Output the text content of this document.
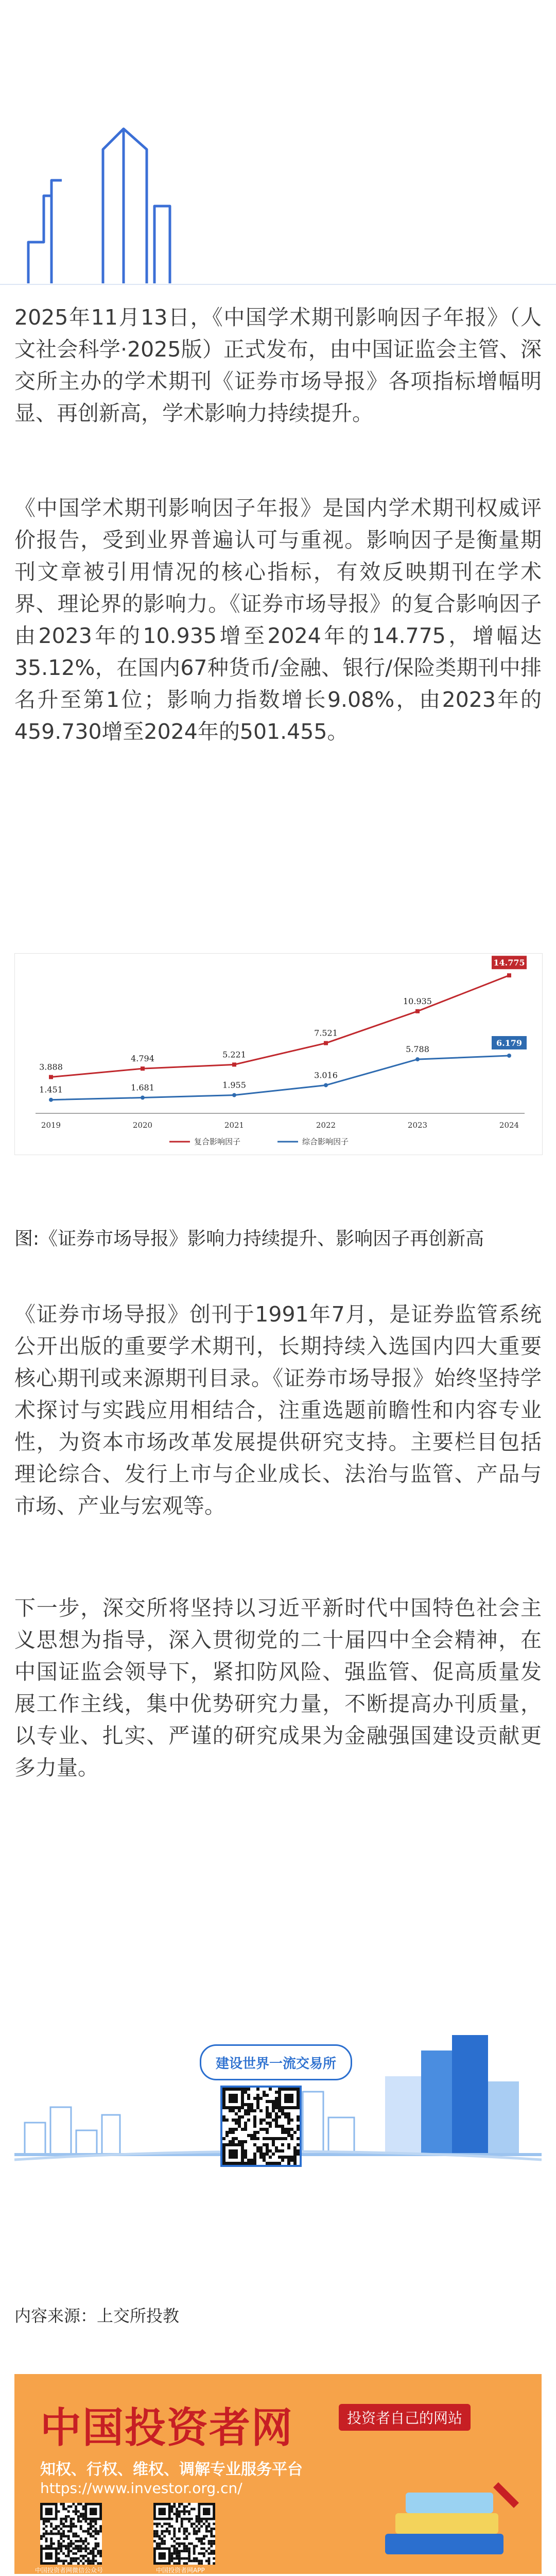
2025年11月13日，《中国学术期刊影响因子年报》（人文社会科学·2025版）正式发布，由中国证监会主管、深交所主办的学术期刊《证券市场导报》各项指标增幅明显、再创新高，学术影响力持续提升。

《中国学术期刊影响因子年报》是国内学术期刊权威评价报告，受到业界普遍认可与重视。影响因子是衡量期刊文章被引用情况的核心指标，有效反映期刊在学术界、理论界的影响力。《证券市场导报》的复合影响因子由2023年的10.935增至2024年的14.775，增幅达35.12%，在国内67种货币/金融、银行/保险类期刊中排名升至第1位；影响力指数增长9.08%，由2023年的459.730增至2024年的501.455。

2019	2020	2021	2022	2023	2024
3.888
4.794	5.221
7.521
10.935
14.775
1.451	1.681	1.955
3.016
5.788
6.179
复合影响因子	综合影响因子

图:《证券市场导报》影响力持续提升、影响因子再创新高

《证券市场导报》创刊于1991年7月，是证券监管系统公开出版的重要学术期刊，长期持续入选国内四大重要核心期刊或来源期刊目录。《证券市场导报》始终坚持学术探讨与实践应用相结合，注重选题前瞻性和内容专业性，为资本市场改革发展提供研究支持。主要栏目包括理论综合、发行上市与企业成长、法治与监管、产品与市场、产业与宏观等。

下一步，深交所将坚持以习近平新时代中国特色社会主义思想为指导，深入贯彻党的二十届四中全会精神，在中国证监会领导下，紧扣防风险、强监管、促高质量发展工作主线，集中优势研究力量，不断提高办刊质量，以专业、扎实、严谨的研究成果为金融强国建设贡献更多力量。

建设世界一流交易所

内容来源：上交所投教

中国投资者网	投资者自己的网站
知权、行权、维权、调解专业服务平台
https://www.investor.org.cn/
中国投资者网微信公众号	中国投资者网APP
